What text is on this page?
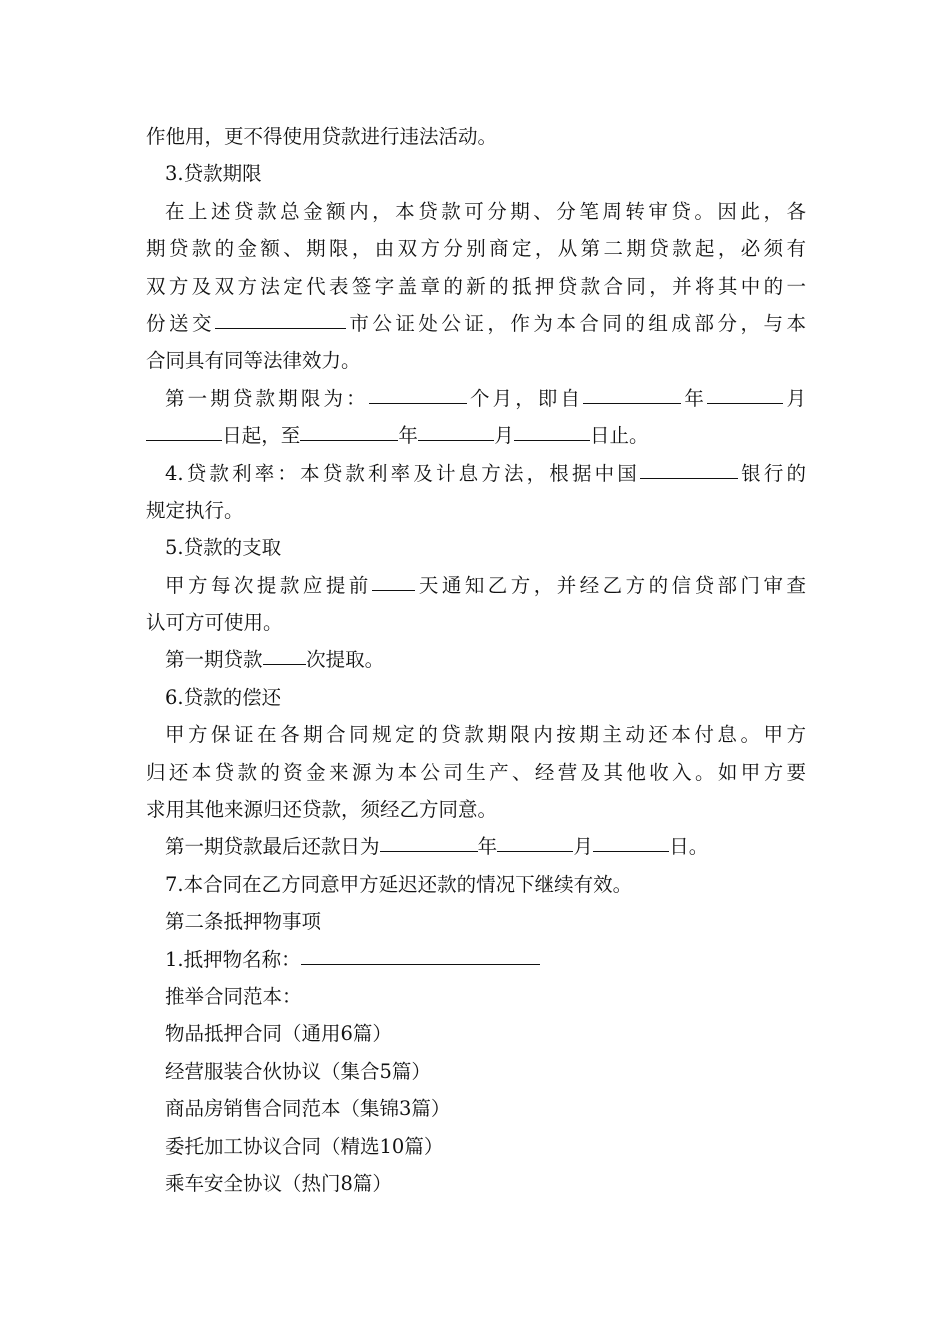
作他用，更不得使用贷款进行违法活动。
3.贷款期限
在上述贷款总金额内，本贷款可分期、分笔周转审贷。因此，各
期贷款的金额、期限，由双方分别商定，从第二期贷款起，必须有
双方及双方法定代表签字盖章的新的抵押贷款合同，并将其中的一
份送交	市公证处公证，作为本合同的组成部分，与本
合同具有同等法律效力。
第一期贷款期限为：	个月，即自	年	月
日起，至	年	月	日止。
4.贷款利率：本贷款利率及计息方法，根据中国	银行的
规定执行。
5.贷款的支取
甲方每次提款应提前 天通知乙方，并经乙方的信贷部门审查
认可方可使用。
第一期贷款 次提取。
6.贷款的偿还
甲方保证在各期合同规定的贷款期限内按期主动还本付息。甲方
归还本贷款的资金来源为本公司生产、经营及其他收入。如甲方要
求用其他来源归还贷款，须经乙方同意。
第一期贷款最后还款日为	年	月	日。
7.本合同在乙方同意甲方延迟还款的情况下继续有效。
第二条抵押物事项
1.抵押物名称：
推举合同范本：
物品抵押合同（通用6篇）
经营服装合伙协议（集合5篇）
商品房销售合同范本（集锦3篇）
委托加工协议合同（精选10篇）
乘车安全协议（热门8篇）
